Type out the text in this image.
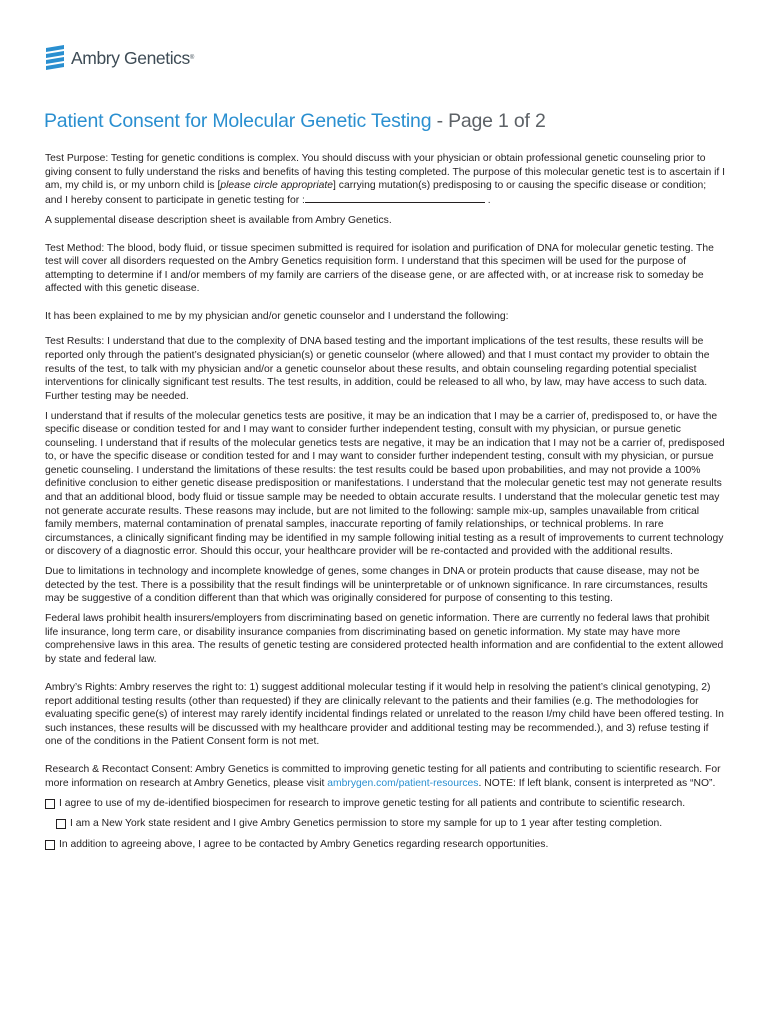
Ambry Genetics ®
Patient Consent for Molecular Genetic Testing - Page 1 of 2

Test Purpose: Testing for genetic conditions is complex. You should discuss with your physician or obtain professional genetic counseling prior to giving consent to fully understand the risks and benefits of having this testing completed. The purpose of this molecular genetic test is to ascertain if I am, my child is, or my unborn child is [please circle appropriate] carrying mutation(s) predisposing to or causing the specific disease or condition; and I hereby consent to participate in genetic testing for :	.

A supplemental disease description sheet is available from Ambry Genetics.

Test Method: The blood, body fluid, or tissue specimen submitted is required for isolation and purification of DNA for molecular genetic testing. The test will cover all disorders requested on the Ambry Genetics requisition form. I understand that this specimen will be used for the purpose of attempting to determine if I and/or members of my family are carriers of the disease gene, or are affected with, or at increase risk to someday be affected with this genetic disease.

It has been explained to me by my physician and/or genetic counselor and I understand the following:

Test Results: I understand that due to the complexity of DNA based testing and the important implications of the test results, these results will be reported only through the patient’s designated physician(s) or genetic counselor (where allowed) and that I must contact my provider to obtain the results of the test, to talk with my physician and/or a genetic counselor about these results, and obtain counseling regarding potential specialist interventions for clinically significant test results. The test results, in addition, could be released to all who, by law, may have access to such data. Further testing may be needed.

I understand that if results of the molecular genetics tests are positive, it may be an indication that I may be a carrier of, predisposed to, or have the specific disease or condition tested for and I may want to consider further independent testing, consult with my physician, or pursue genetic counseling. I understand that if results of the molecular genetics tests are negative, it may be an indication that I may not be a carrier of, predisposed to, or have the specific disease or condition tested for and I may want to consider further independent testing, consult with my physician, or pursue genetic counseling. I understand the limitations of these results: the test results could be based upon probabilities, and may not provide a 100% definitive conclusion to either genetic disease predisposition or manifestations. I understand that the molecular genetic test may not generate results and that an additional blood, body fluid or tissue sample may be needed to obtain accurate results. I understand that the molecular genetic test may not generate accurate results. These reasons may include, but are not limited to the following: sample mix-up, samples unavailable from critical family members, maternal contamination of prenatal samples, inaccurate reporting of family relationships, or technical problems. In rare circumstances, a clinically significant finding may be identified in my sample following initial testing as a result of improvements to current technology or discovery of a diagnostic error. Should this occur, your healthcare provider will be re-contacted and provided with the additional results.

Due to limitations in technology and incomplete knowledge of genes, some changes in DNA or protein products that cause disease, may not be detected by the test. There is a possibility that the result findings will be uninterpretable or of unknown significance. In rare circumstances, results may be suggestive of a condition different than that which was originally considered for purpose of consenting to this testing.

Federal laws prohibit health insurers/employers from discriminating based on genetic information. There are currently no federal laws that prohibit life insurance, long term care, or disability insurance companies from discriminating based on genetic information. My state may have more comprehensive laws in this area. The results of genetic testing are considered protected health information and are confidential to the extent allowed by state and federal law.

Ambry’s Rights: Ambry reserves the right to: 1) suggest additional molecular testing if it would help in resolving the patient’s clinical genotyping, 2) report additional testing results (other than requested) if they are clinically relevant to the patients and their families (e.g. The methodologies for evaluating specific gene(s) of interest may rarely identify incidental findings related or unrelated to the reason I/my child have been offered testing. In such instances, these results will be discussed with my healthcare provider and additional testing may be recommended.), and 3) refuse testing if one of the conditions in the Patient Consent form is not met.

Research & Recontact Consent: Ambry Genetics is committed to improving genetic testing for all patients and contributing to scientific research. For more information on research at Ambry Genetics, please visit ambrygen.com/patient-resources. NOTE: If left blank, consent is interpreted as “NO”.

I agree to use of my de-identified biospecimen for research to improve genetic testing for all patients and contribute to scientific research.
I am a New York state resident and I give Ambry Genetics permission to store my sample for up to 1 year after testing completion.
In addition to agreeing above, I agree to be contacted by Ambry Genetics regarding research opportunities.
